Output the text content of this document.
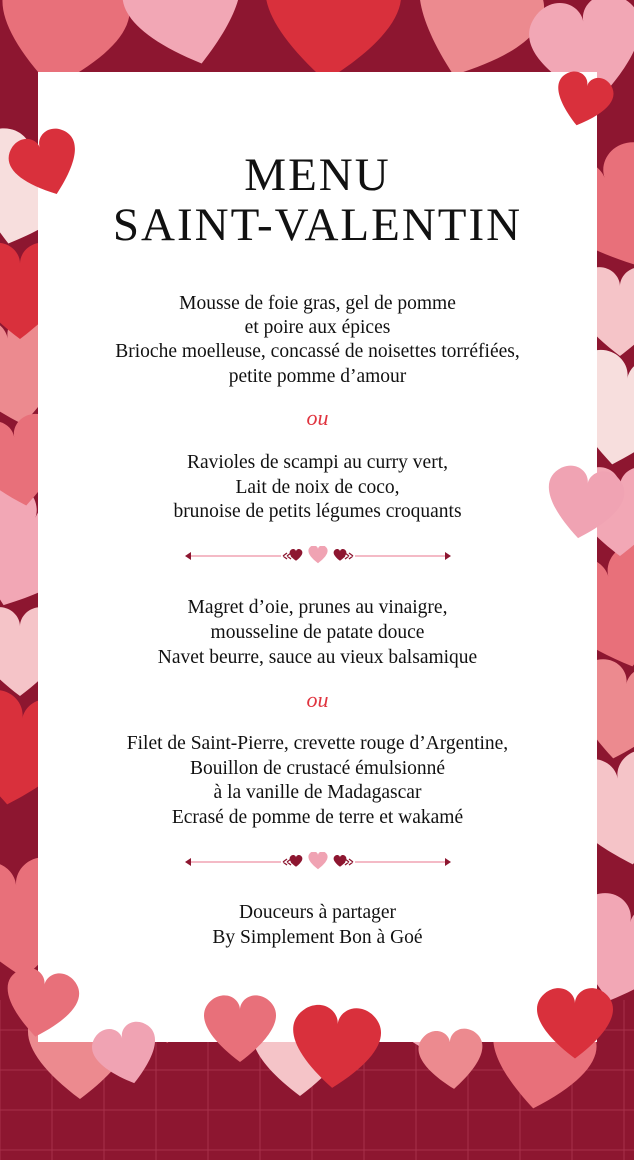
MENU
SAINT-VALENTIN
Mousse de foie gras, gel de pomme
et poire aux épices
Brioche moelleuse, concassé de noisettes torréfiées,
petite pomme d’amour
ou
Ravioles de scampi au curry vert,
Lait de noix de coco,
brunoise de petits légumes croquants
Magret d’oie, prunes au vinaigre,
mousseline de patate douce
Navet beurre, sauce au vieux balsamique
ou
Filet de Saint-Pierre, crevette rouge d’Argentine,
Bouillon de crustacé émulsionné
à la vanille de Madagascar
Ecrasé de pomme de terre et wakamé
Douceurs à partager
By Simplement Bon à Goé
